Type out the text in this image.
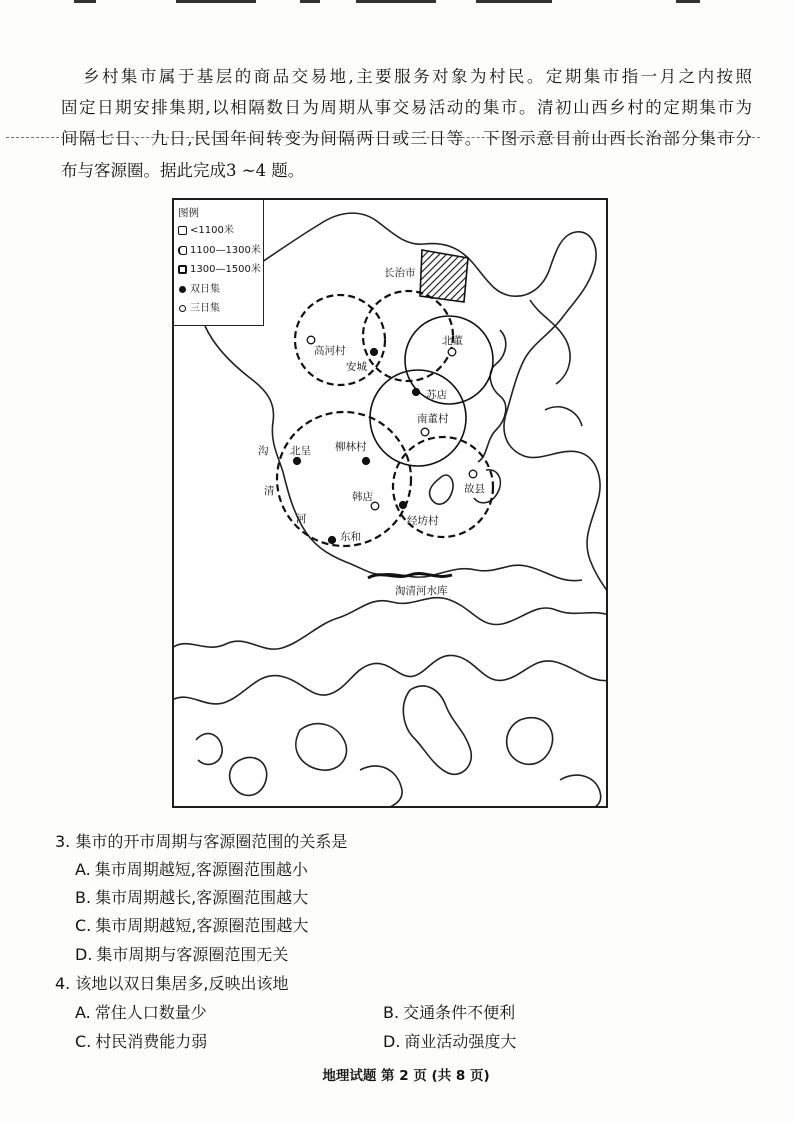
乡村集市属于基层的商品交易地,主要服务对象为村民。定期集市指一月之内按照
固定日期安排集期,以相隔数日为周期从事交易活动的集市。清初山西乡村的定期集市为
间隔七日、九日,民国年间转变为间隔两日或三日等。下图示意目前山西长治部分集市分
布与客源圈。据此完成3 ~4 题。
长治市
高河村
安城
北董
苏店
南董村
北呈 柳林村
韩店
故县
经坊村
东和
沟
清
河
淘清河水库
图例
<1100米
1100—1300米
1300—1500米
双日集
三日集
3. 集市的开市周期与客源圈范围的关系是
A. 集市周期越短,客源圈范围越小
B. 集市周期越长,客源圈范围越大
C. 集市周期越短,客源圈范围越大
D. 集市周期与客源圈范围无关
4. 该地以双日集居多,反映出该地
A. 常住人口数量少	B. 交通条件不便利
C. 村民消费能力弱	D. 商业活动强度大
地理试题 第 2 页 (共 8 页)
